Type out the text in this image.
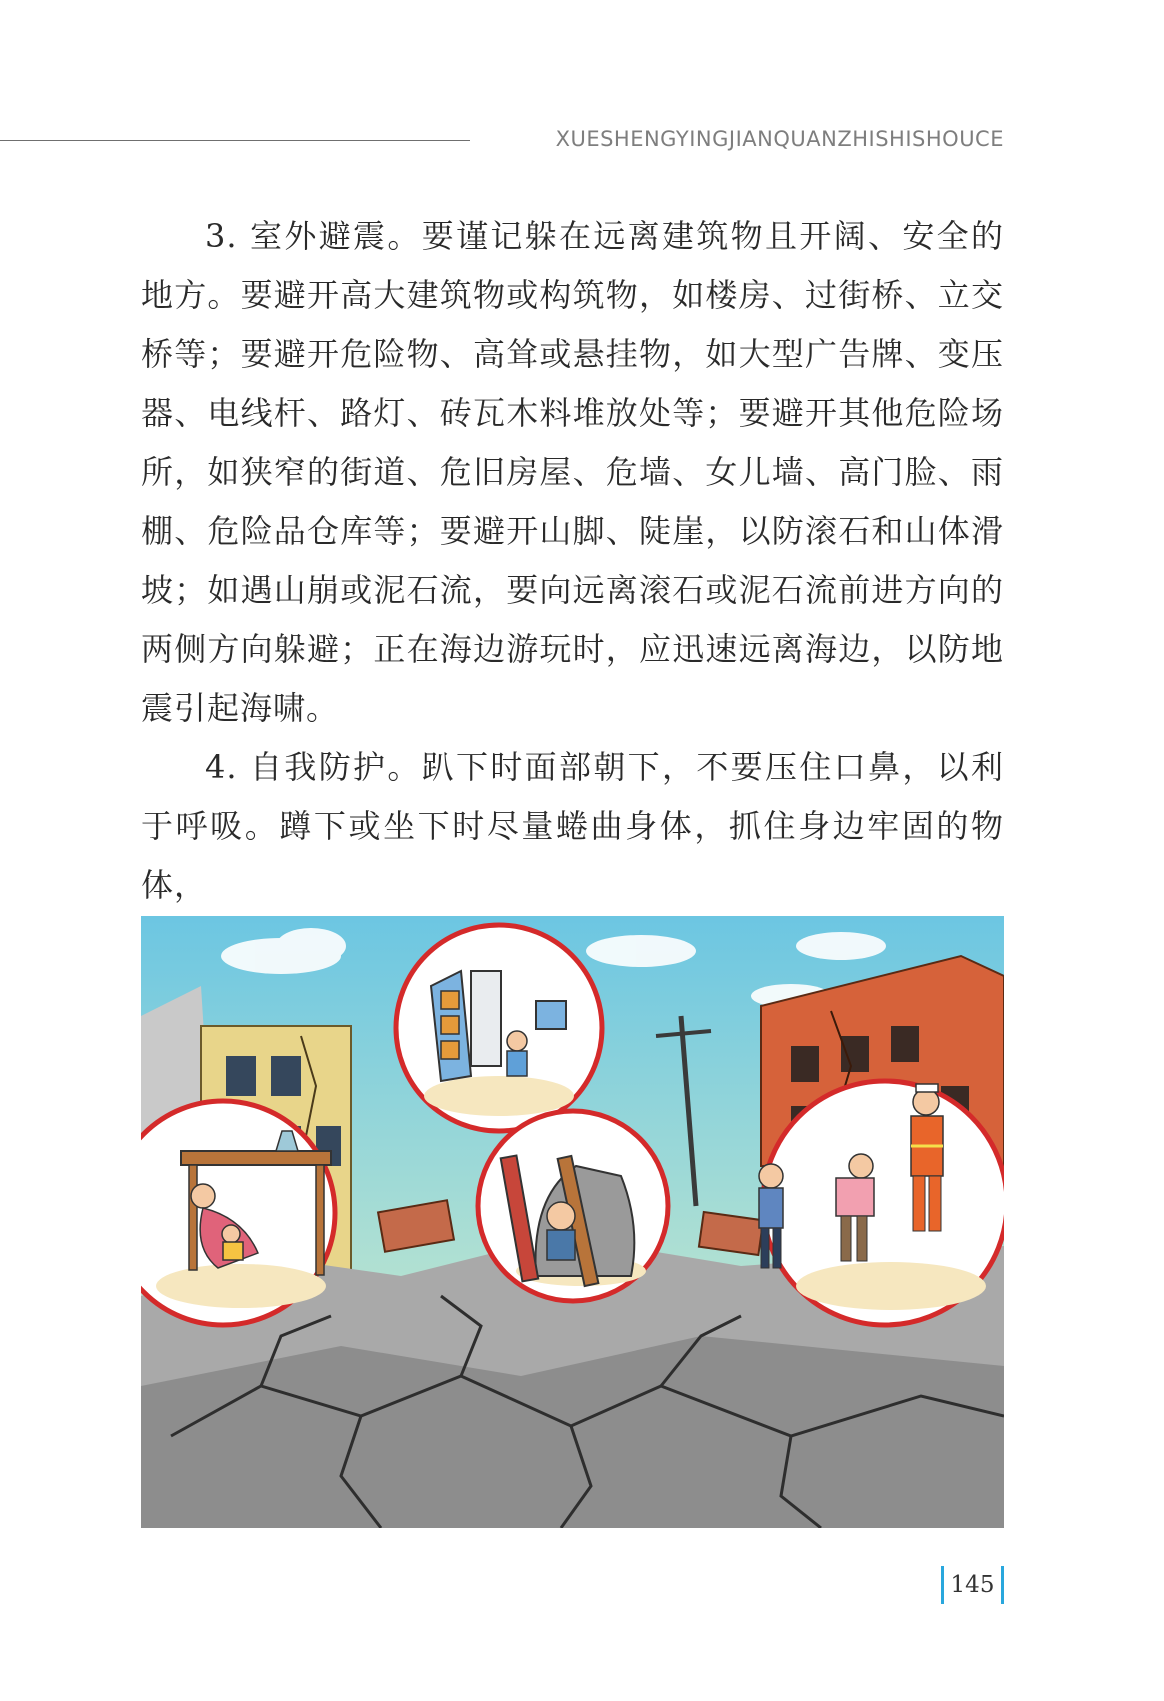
XUESHENGYINGJIANQUANZHISHISHOUCE

3. 室外避震。要谨记躲在远离建筑物且开阔、安全的地方。要避开高大建筑物或构筑物，如楼房、过街桥、立交桥等；要避开危险物、高耸或悬挂物，如大型广告牌、变压器、电线杆、路灯、砖瓦木料堆放处等；要避开其他危险场所，如狭窄的街道、危旧房屋、危墙、女儿墙、高门脸、雨棚、危险品仓库等；要避开山脚、陡崖，以防滚石和山体滑坡；如遇山崩或泥石流，要向远离滚石或泥石流前进方向的两侧方向躲避；正在海边游玩时，应迅速远离海边，以防地震引起海啸。

4. 自我防护。趴下时面部朝下，不要压住口鼻，以利于呼吸。蹲下或坐下时尽量蜷曲身体，抓住身边牢固的物体，

145
